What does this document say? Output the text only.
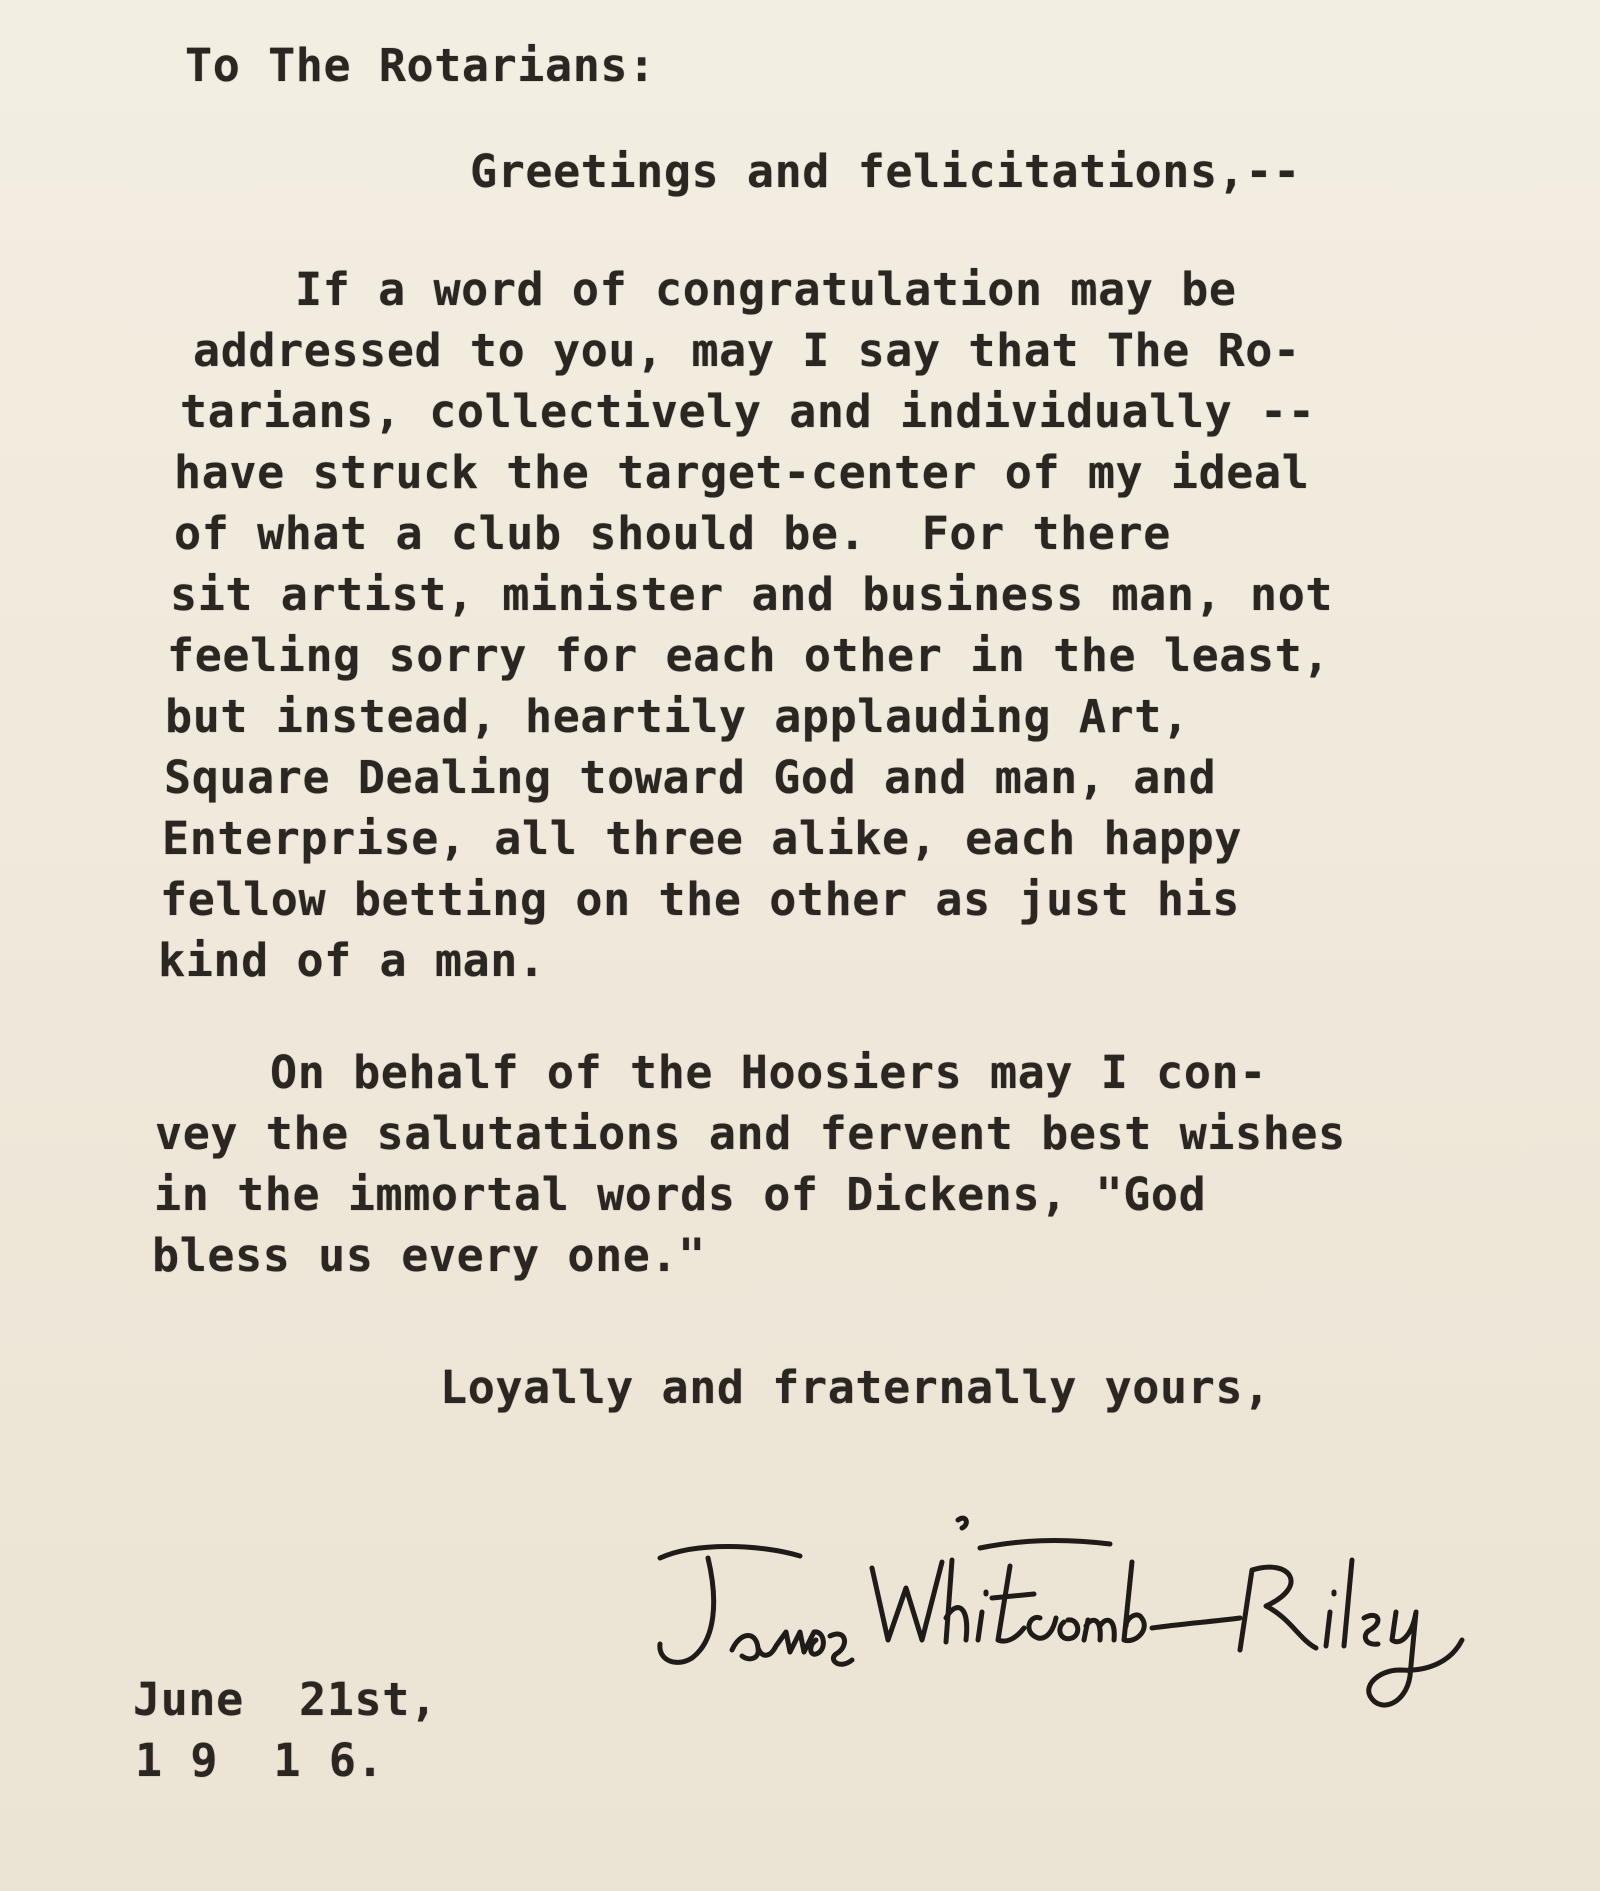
To The Rotarians:

Greetings and felicitations,--

If a word of congratulation may be

addressed to you, may I say that The Ro-

tarians, collectively and individually --

have struck the target-center of my ideal

of what a club should be.  For there

sit artist, minister and business man, not

feeling sorry for each other in the least,

but instead, heartily applauding Art,

Square Dealing toward God and man, and

Enterprise, all three alike, each happy

fellow betting on the other as just his

kind of a man.

On behalf of the Hoosiers may I con-

vey the salutations and fervent best wishes

in the immortal words of Dickens, "God

bless us every one."

Loyally and fraternally yours,

June  21st,

1 9  1 6.
